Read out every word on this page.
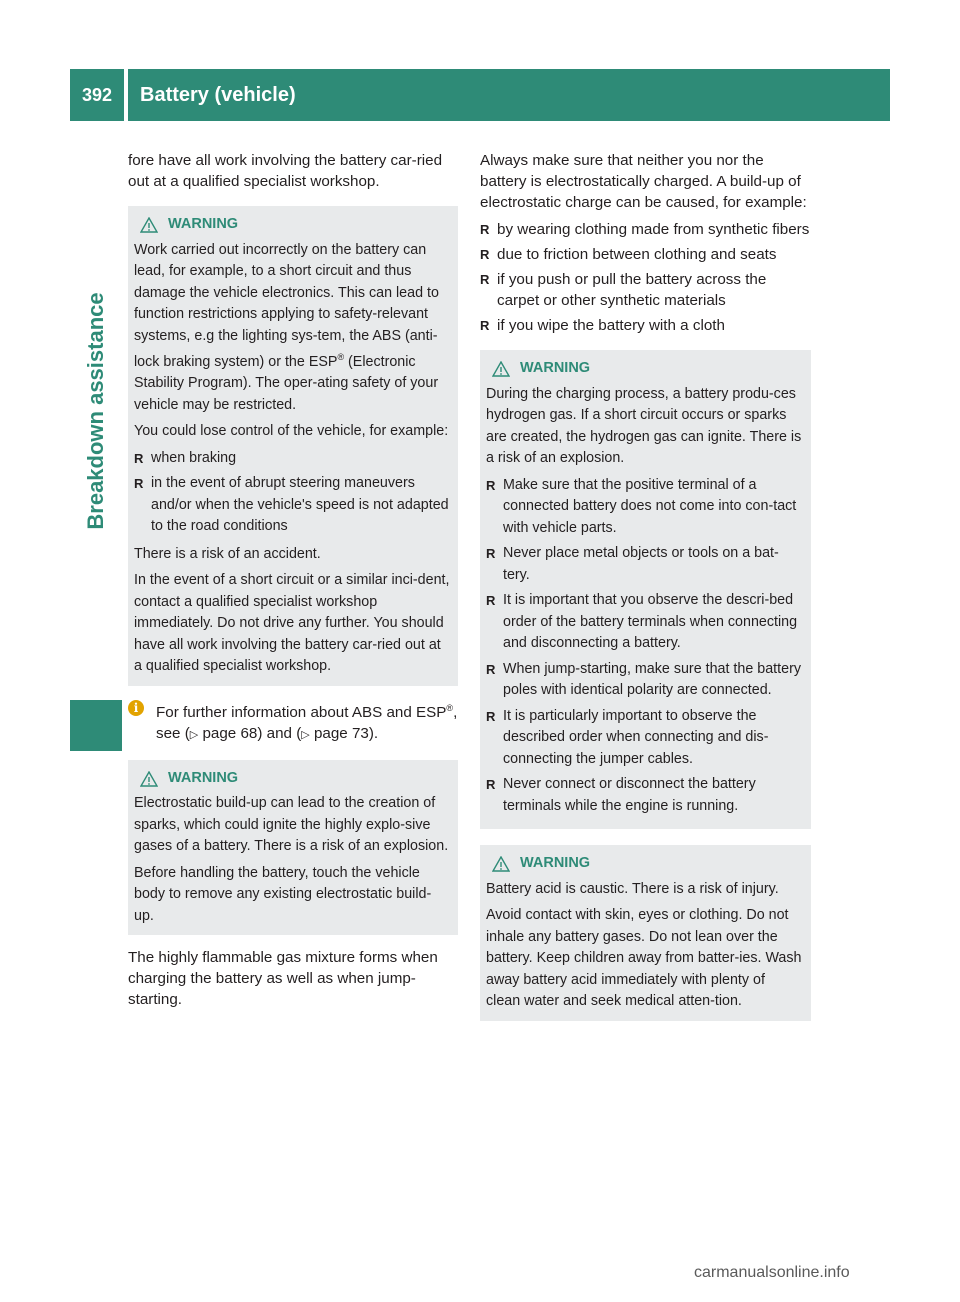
392	Battery (vehicle)
Breakdown assistance

fore have all work involving the battery car-ried out at a qualified specialist workshop.

WARNING

Work carried out incorrectly on the battery can lead, for example, to a short circuit and thus damage the vehicle electronics. This can lead to function restrictions applying to safety-relevant systems, e.g the lighting sys-tem, the ABS (anti-lock braking system) or the ESP® (Electronic Stability Program). The oper-ating safety of your vehicle may be restricted.

You could lose control of the vehicle, for example:

R when braking
R in the event of abrupt steering maneuvers and/or when the vehicle's speed is not adapted to the road conditions

There is a risk of an accident.

In the event of a short circuit or a similar inci-dent, contact a qualified specialist workshop immediately. Do not drive any further. You should have all work involving the battery car-ried out at a qualified specialist workshop.

i	For further information about ABS and ESP®, see (▷ page 68) and (▷ page 73).
WARNING

Electrostatic build-up can lead to the creation of sparks, which could ignite the highly explo-sive gases of a battery. There is a risk of an explosion.

Before handling the battery, touch the vehicle body to remove any existing electrostatic build-up.

The highly flammable gas mixture forms when charging the battery as well as when jump-starting.

Always make sure that neither you nor the battery is electrostatically charged. A build-up of electrostatic charge can be caused, for example:

R by wearing clothing made from synthetic fibers
R due to friction between clothing and seats
R if you push or pull the battery across the carpet or other synthetic materials
R if you wipe the battery with a cloth
WARNING

During the charging process, a battery produ-ces hydrogen gas. If a short circuit occurs or sparks are created, the hydrogen gas can ignite. There is a risk of an explosion.

R Make sure that the positive terminal of a connected battery does not come into con-tact with vehicle parts.
R Never place metal objects or tools on a bat-tery.
R It is important that you observe the descri-bed order of the battery terminals when connecting and disconnecting a battery.
R When jump-starting, make sure that the battery poles with identical polarity are connected.
R It is particularly important to observe the described order when connecting and dis-connecting the jumper cables.
R Never connect or disconnect the battery terminals while the engine is running.
WARNING

Battery acid is caustic. There is a risk of injury.

Avoid contact with skin, eyes or clothing. Do not inhale any battery gases. Do not lean over the battery. Keep children away from batter-ies. Wash away battery acid immediately with plenty of clean water and seek medical atten-tion.

carmanualsonline.info
